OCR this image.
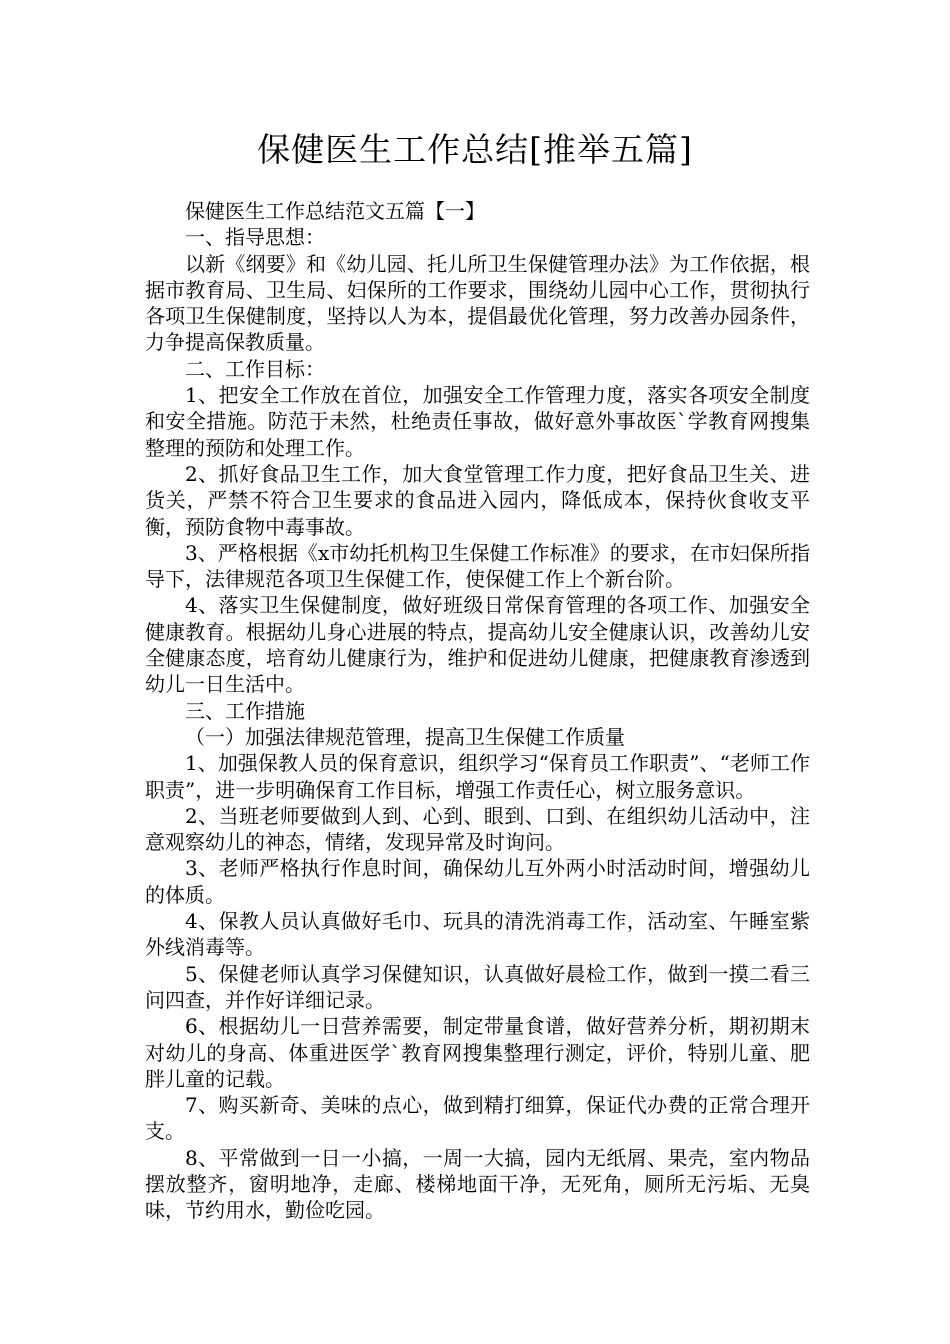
保健医生工作总结[推举五篇]

保健医生工作总结范文五篇【一】

一、指导思想：

以新《纲要》和《幼儿园、托儿所卫生保健管理办法》为工作依据，根据市教育局、卫生局、妇保所的工作要求，围绕幼儿园中心工作，贯彻执行各项卫生保健制度，坚持以人为本，提倡最优化管理，努力改善办园条件，力争提高保教质量。

二、工作目标：

1、把安全工作放在首位，加强安全工作管理力度，落实各项安全制度和安全措施。防范于未然，杜绝责任事故，做好意外事故医`学教育网搜集整理的预防和处理工作。

2、抓好食品卫生工作，加大食堂管理工作力度，把好食品卫生关、进货关，严禁不符合卫生要求的食品进入园内，降低成本，保持伙食收支平衡，预防食物中毒事故。

3、严格根据《x市幼托机构卫生保健工作标准》的要求，在市妇保所指导下，法律规范各项卫生保健工作，使保健工作上个新台阶。

4、落实卫生保健制度，做好班级日常保育管理的各项工作、加强安全健康教育。根据幼儿身心进展的特点，提高幼儿安全健康认识，改善幼儿安全健康态度，培育幼儿健康行为，维护和促进幼儿健康，把健康教育渗透到幼儿一日生活中。

三、工作措施

（一）加强法律规范管理，提高卫生保健工作质量

1、加强保教人员的保育意识，组织学习“保育员工作职责”、“老师工作职责”，进一步明确保育工作目标，增强工作责任心，树立服务意识。

2、当班老师要做到人到、心到、眼到、口到、在组织幼儿活动中，注意观察幼儿的神态，情绪，发现异常及时询问。

3、老师严格执行作息时间，确保幼儿互外两小时活动时间，增强幼儿的体质。

4、保教人员认真做好毛巾、玩具的清洗消毒工作，活动室、午睡室紫外线消毒等。

5、保健老师认真学习保健知识，认真做好晨检工作，做到一摸二看三问四查，并作好详细记录。

6、根据幼儿一日营养需要，制定带量食谱，做好营养分析，期初期末对幼儿的身高、体重进医学`教育网搜集整理行测定，评价，特别儿童、肥胖儿童的记载。

7、购买新奇、美味的点心，做到精打细算，保证代办费的正常合理开支。

8、平常做到一日一小搞，一周一大搞，园内无纸屑、果壳，室内物品摆放整齐，窗明地净，走廊、楼梯地面干净，无死角，厕所无污垢、无臭味，节约用水，勤俭吃园。
